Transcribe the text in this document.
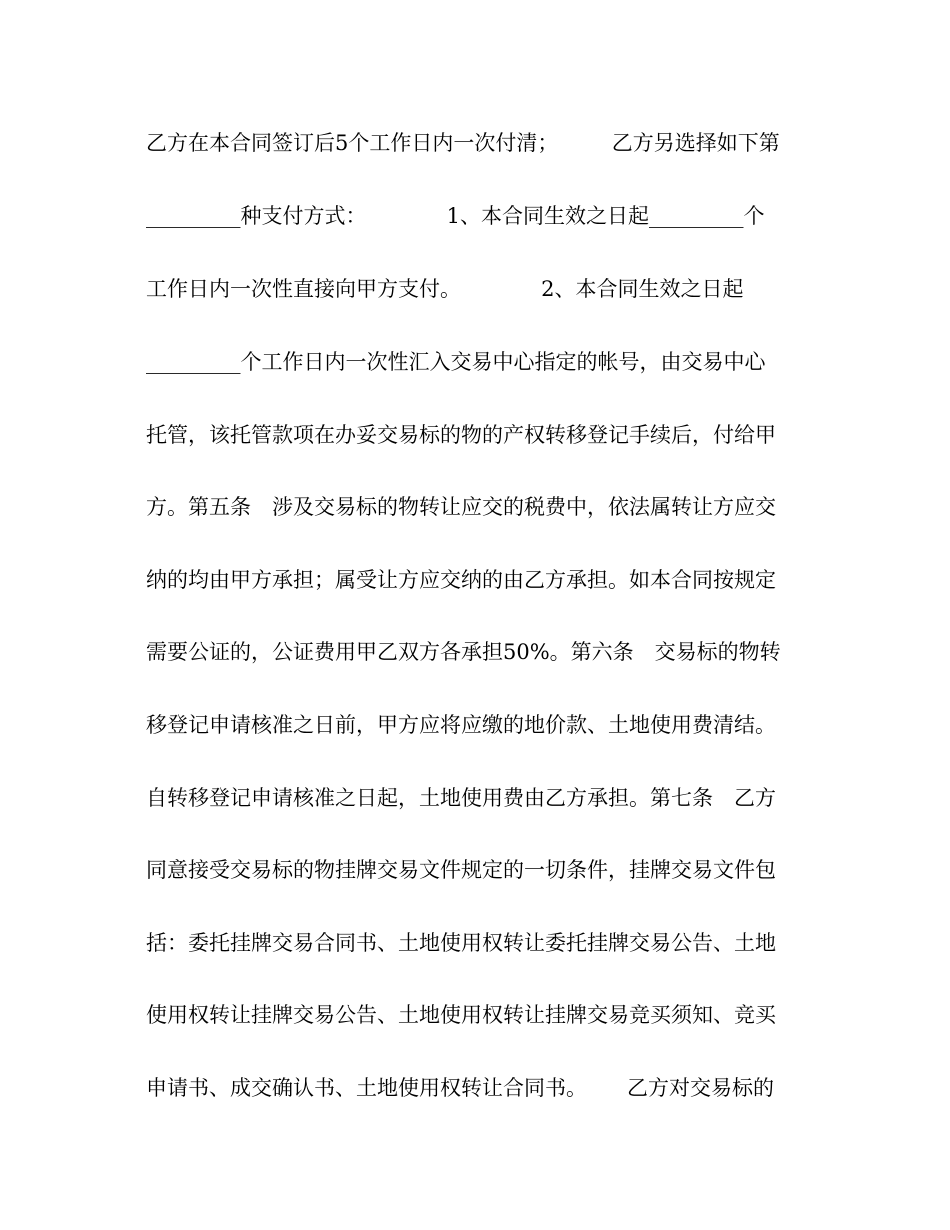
乙方在本合同签订后5个工作日内一次付清；        乙方另选择如下第
_________种支付方式：            1、本合同生效之日起_________个
工作日内一次性直接向甲方支付。            2、本合同生效之日起
_________个工作日内一次性汇入交易中心指定的帐号，由交易中心
托管，该托管款项在办妥交易标的物的产权转移登记手续后，付给甲
方。第五条　涉及交易标的物转让应交的税费中，依法属转让方应交
纳的均由甲方承担；属受让方应交纳的由乙方承担。如本合同按规定
需要公证的，公证费用甲乙双方各承担50%。第六条　交易标的物转
移登记申请核准之日前，甲方应将应缴的地价款、土地使用费清结。
自转移登记申请核准之日起，土地使用费由乙方承担。第七条　乙方
同意接受交易标的物挂牌交易文件规定的一切条件，挂牌交易文件包
括：委托挂牌交易合同书、土地使用权转让委托挂牌交易公告、土地
使用权转让挂牌交易公告、土地使用权转让挂牌交易竞买须知、竞买
申请书、成交确认书、土地使用权转让合同书。      乙方对交易标的
